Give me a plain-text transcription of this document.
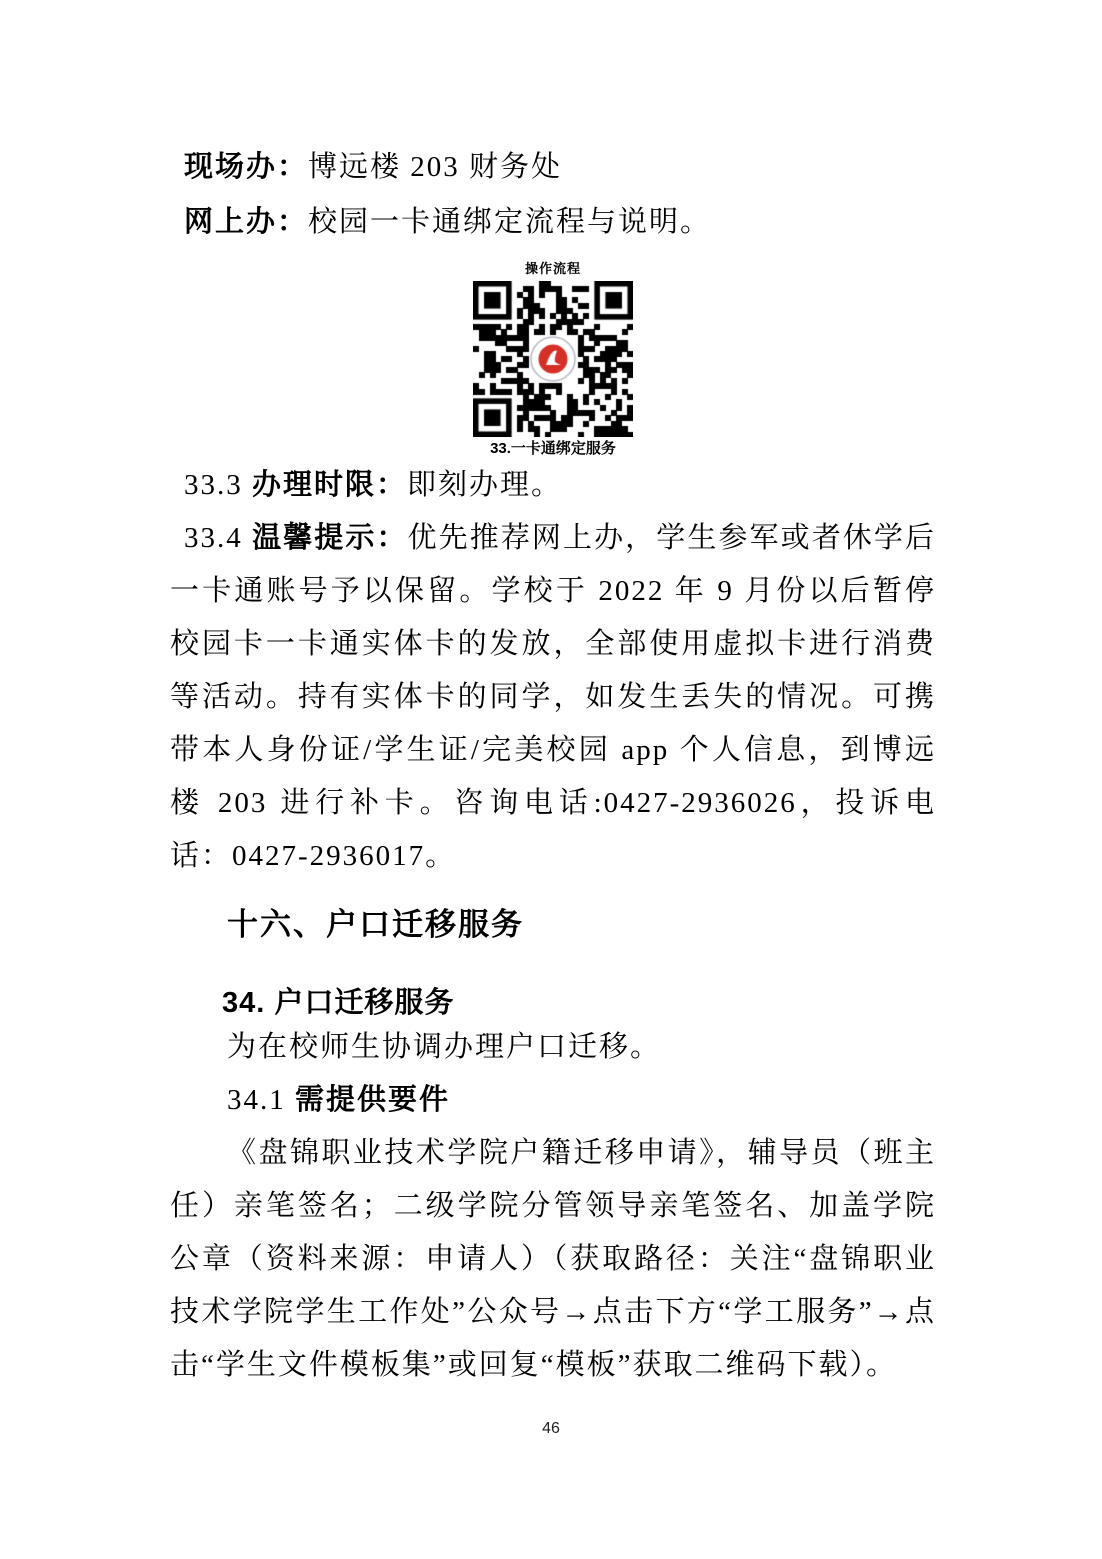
现场办：博远楼 203 财务处

网上办：校园一卡通绑定流程与说明。

操作流程
33.一卡通绑定服务

33.3 办理时限：即刻办理。

33.4 温馨提示：优先推荐网上办，学生参军或者休学后一卡通账号予以保留。学校于 2022 年 9 月份以后暂停校园卡一卡通实体卡的发放，全部使用虚拟卡进行消费等活动。持有实体卡的同学，如发生丢失的情况。可携带本人身份证/学生证/完美校园 app 个人信息，到博远楼 203 进行补卡。咨询电话:0427-2936026，投诉电话：0427-2936017。

十六、户口迁移服务
34. 户口迁移服务

为在校师生协调办理户口迁移。

34.1 需提供要件

《盘锦职业技术学院户籍迁移申请》，辅导员（班主任）亲笔签名；二级学院分管领导亲笔签名、加盖学院公章（资料来源：申请人）（获取路径：关注“盘锦职业技术学院学生工作处”公众号→点击下方“学工服务”→点击“学生文件模板集”或回复“模板”获取二维码下载）。

46
